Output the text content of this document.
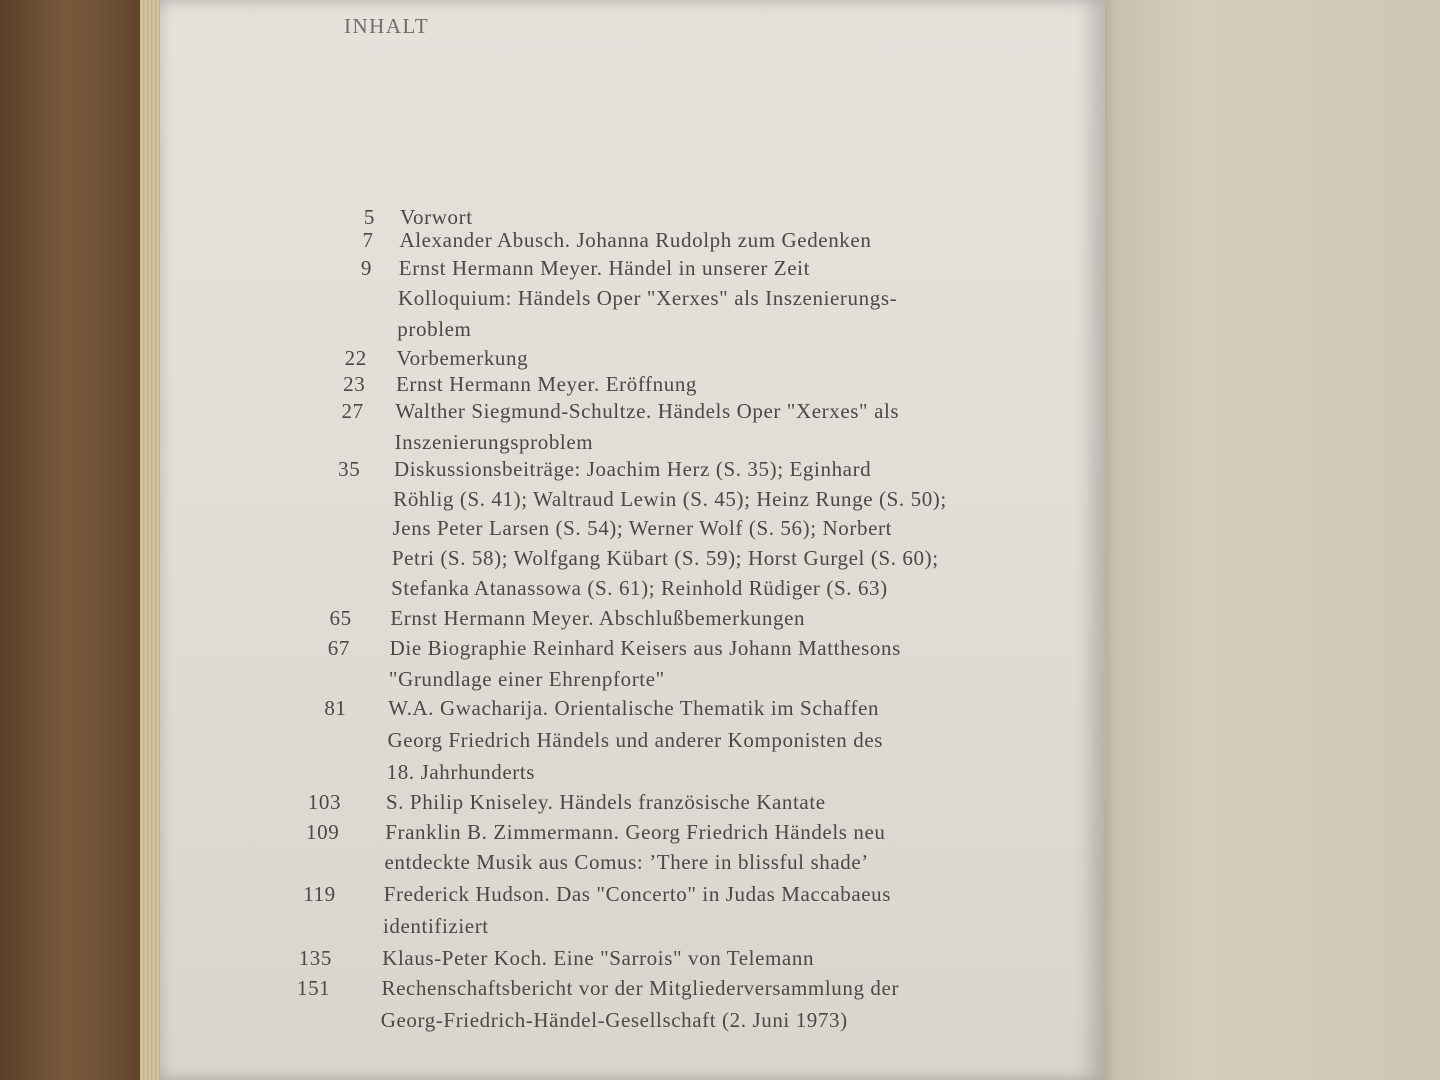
INHALT
5 Vorwort
7 Alexander Abusch. Johanna Rudolph zum Gedenken
9 Ernst Hermann Meyer. Händel in unserer Zeit
Kolloquium: Händels Oper "Xerxes" als Inszenierungs-
problem
22 Vorbemerkung
23 Ernst Hermann Meyer. Eröffnung
27 Walther Siegmund-Schultze. Händels Oper "Xerxes" als
Inszenierungsproblem
35 Diskussionsbeiträge: Joachim Herz (S. 35); Eginhard
Röhlig (S. 41); Waltraud Lewin (S. 45); Heinz Runge (S. 50);
Jens Peter Larsen (S. 54); Werner Wolf (S. 56); Norbert
Petri (S. 58); Wolfgang Kübart (S. 59); Horst Gurgel (S. 60);
Stefanka Atanassowa (S. 61); Reinhold Rüdiger (S. 63)
65 Ernst Hermann Meyer. Abschlußbemerkungen
67 Die Biographie Reinhard Keisers aus Johann Matthesons
"Grundlage einer Ehrenpforte"
81 W.A. Gwacharija. Orientalische Thematik im Schaffen
Georg Friedrich Händels und anderer Komponisten des
18. Jahrhunderts
103 S. Philip Kniseley. Händels französische Kantate
109 Franklin B. Zimmermann. Georg Friedrich Händels neu
entdeckte Musik aus Comus: ’There in blissful shade’
119 Frederick Hudson. Das "Concerto" in Judas Maccabaeus
identifiziert
135 Klaus-Peter Koch. Eine "Sarrois" von Telemann
151 Rechenschaftsbericht vor der Mitgliederversammlung der
Georg-Friedrich-Händel-Gesellschaft (2. Juni 1973)
